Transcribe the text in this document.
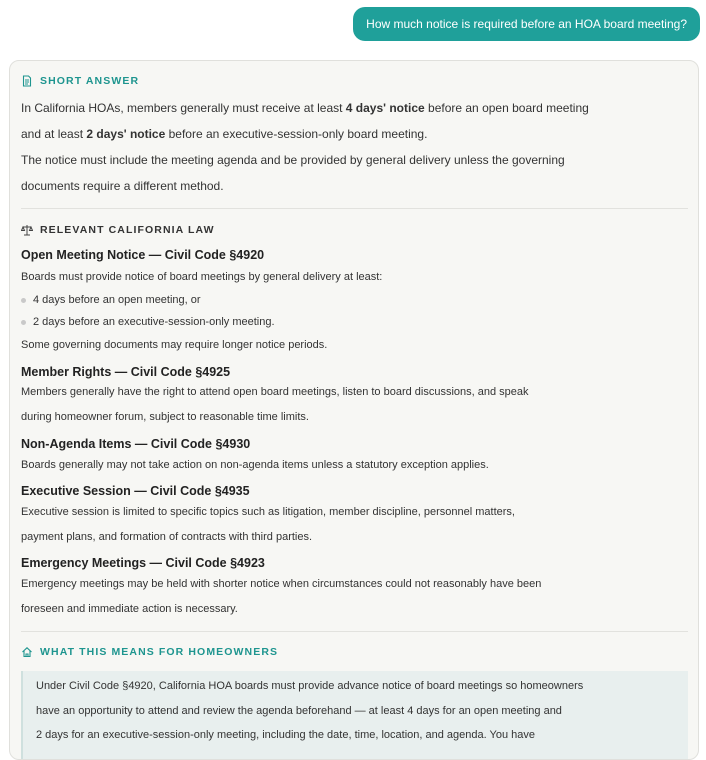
How much notice is required before an HOA board meeting?
SHORT ANSWER
In California HOAs, members generally must receive at least 4 days' notice before an open board meeting
and at least 2 days' notice before an executive-session-only board meeting.
The notice must include the meeting agenda and be provided by general delivery unless the governing
documents require a different method.
RELEVANT CALIFORNIA LAW
Open Meeting Notice — Civil Code §4920
Boards must provide notice of board meetings by general delivery at least:
4 days before an open meeting, or
2 days before an executive-session-only meeting.
Some governing documents may require longer notice periods.
Member Rights — Civil Code §4925
Members generally have the right to attend open board meetings, listen to board discussions, and speak
during homeowner forum, subject to reasonable time limits.
Non-Agenda Items — Civil Code §4930
Boards generally may not take action on non-agenda items unless a statutory exception applies.
Executive Session — Civil Code §4935
Executive session is limited to specific topics such as litigation, member discipline, personnel matters,
payment plans, and formation of contracts with third parties.
Emergency Meetings — Civil Code §4923
Emergency meetings may be held with shorter notice when circumstances could not reasonably have been
foreseen and immediate action is necessary.
WHAT THIS MEANS FOR HOMEOWNERS
Under Civil Code §4920, California HOA boards must provide advance notice of board meetings so homeowners
have an opportunity to attend and review the agenda beforehand — at least 4 days for an open meeting and
2 days for an executive-session-only meeting, including the date, time, location, and agenda. You have
